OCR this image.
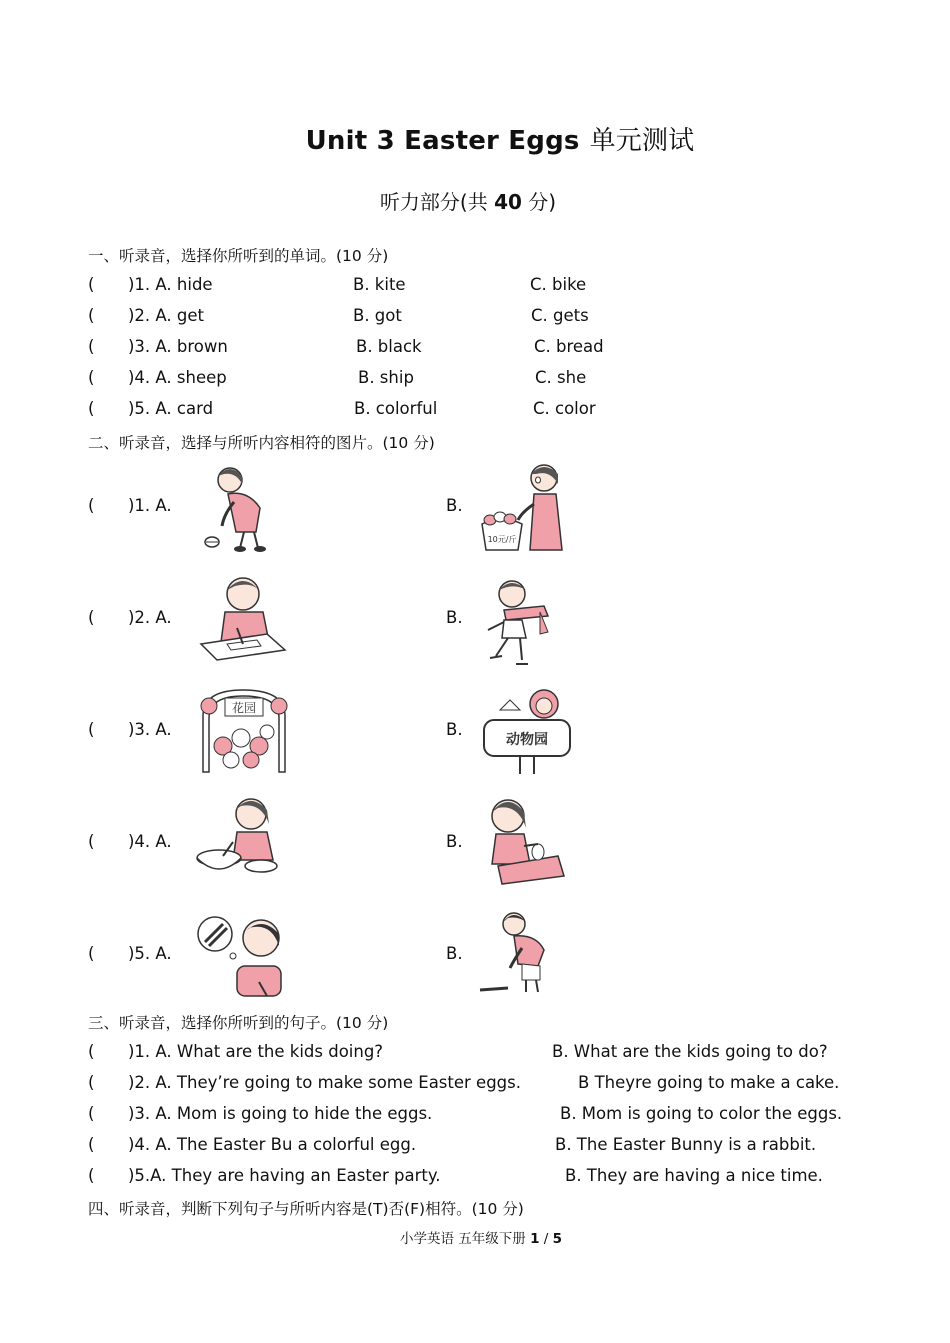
Unit 3 Easter Eggs 单元测试
听力部分(共 40 分)
一、听录音，选择你所听到的单词。(10 分)
( )1. A. hide	B. kite	C. bike
( )2. A. get	B. got	C. gets
( )3. A. brown	B. black	C. bread
( )4. A. sheep	B. ship	C. she
( )5. A. card	B. colorful	C. color
二、听录音，选择与所听内容相符的图片。(10 分)
( )1. A.	B.
10元/斤
( )2. A.	B.
( )3. A.	B.
花园
动物园
( )4. A.	B.
( )5. A.	B.
三、听录音，选择你所听到的句子。(10 分)
( )1. A. What are the kids doing?	B. What are the kids going to do?
( )2. A. They’re going to make some Easter eggs.	B Theyre going to make a cake.
( )3. A. Mom is going to hide the eggs.	B. Mom is going to color the eggs.
( )4. A. The Easter Bu a colorful egg.	B. The Easter Bunny is a rabbit.
( )5.A. They are having an Easter party.	B. They are having a nice time.
四、听录音，判断下列句子与所听内容是(T)否(F)相符。(10 分)
小学英语 五年级下册 1 / 5
